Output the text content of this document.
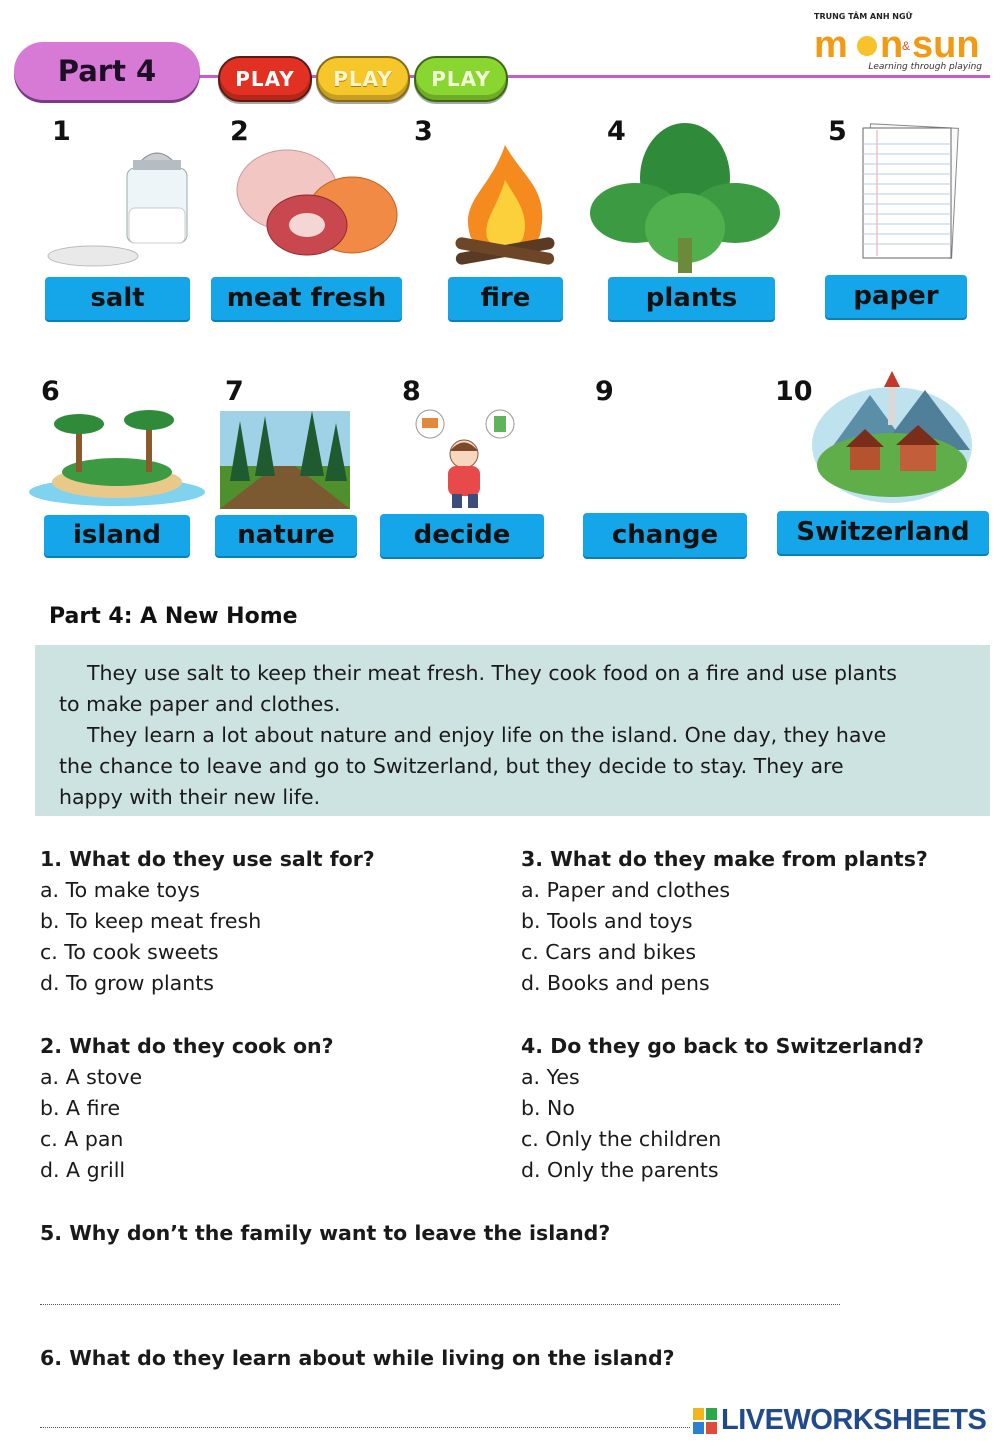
Part 4	PLAY	PLAY	PLAY
TRUNG TÂM ANH NGỮ
m n
& sun
Learning through playing
1
salt
2
meat fresh
3
fire
4
plants
5
paper
6
island
7
nature
8
decide
9
change
10
Switzerland
Part 4: A New Home

They use salt to keep their meat fresh. They cook food on a fire and use plants

to make paper and clothes.

They learn a lot about nature and enjoy life on the island. One day, they have

the chance to leave and go to Switzerland, but they decide to stay. They are

happy with their new life.

1. What do they use salt for?
a. To make toys
b. To keep meat fresh
c. To cook sweets
d. To grow plants
3. What do they make from plants?
a. Paper and clothes
b. Tools and toys
c. Cars and bikes
d. Books and pens
2. What do they cook on?
a. A stove
b. A fire
c. A pan
d. A grill
4. Do they go back to Switzerland?
a. Yes
b. No
c. Only the children
d. Only the parents
5. Why don’t the family want to leave the island?
6. What do they learn about while living on the island?
LIVEWORKSHEETS
